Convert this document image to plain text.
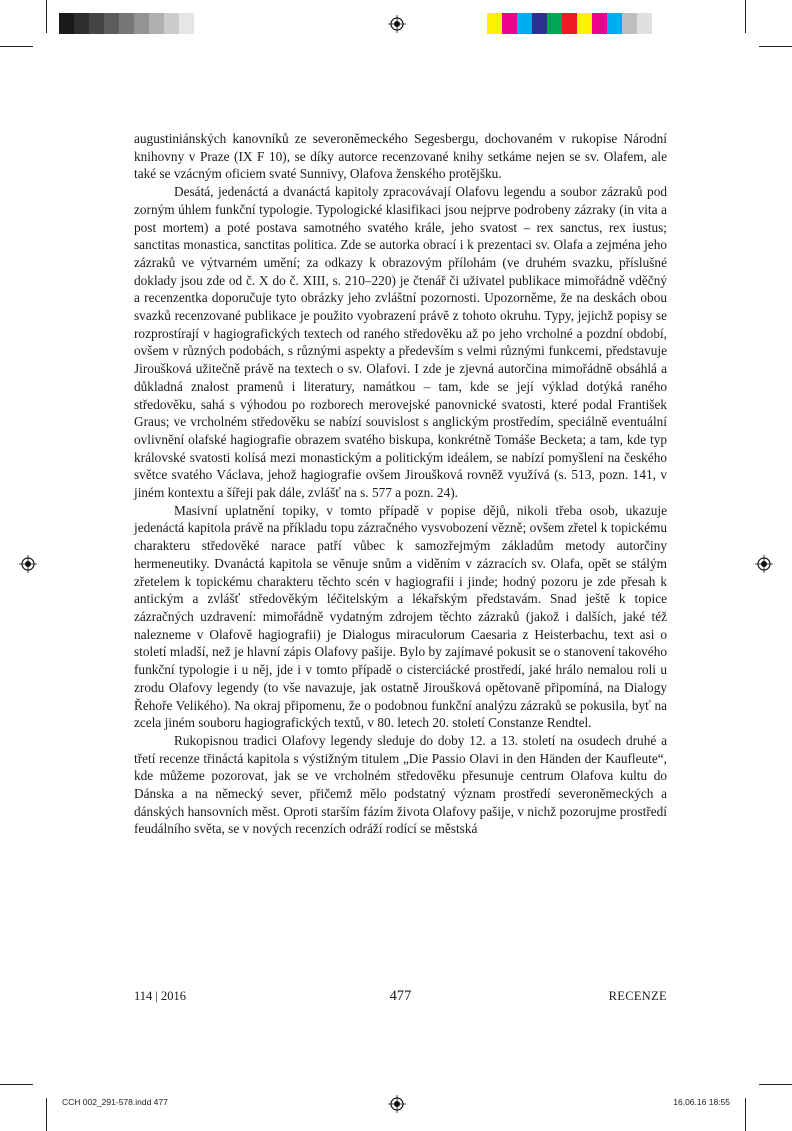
augustiniánských kanovníků ze severoněmeckého Segesbergu, dochovaném v rukopise Národní knihovny v Praze (IX F 10), se díky autorce recenzované knihy setkáme nejen se sv. Olafem, ale také se vzácným oficiem svaté Sunnivy, Olafova ženského protějšku.

Desátá, jedenáctá a dvanáctá kapitoly zpracovávají Olafovu legendu a soubor zázraků pod zorným úhlem funkční typologie. Typologické klasifikaci jsou nejprve podrobeny zázraky (in vita a post mortem) a poté postava samotného svatého krále, jeho svatost – rex sanctus, rex iustus; sanctitas monastica, sanctitas politica. Zde se autorka obrací i k prezentaci sv. Olafa a zejména jeho zázraků ve výtvarném umění; za odkazy k obrazovým přílohám (ve druhém svazku, příslušné doklady jsou zde od č. X do č. XIII, s. 210–220) je čtenář či uživatel publikace mimořádně vděčný a recenzentka doporučuje tyto obrázky jeho zvláštní pozornosti. Upozorněme, že na deskách obou svazků recenzované publikace je použito vyobrazení právě z tohoto okruhu. Typy, jejichž popisy se rozprostírají v hagiografických textech od raného středověku až po jeho vrcholné a pozdní období, ovšem v různých podobách, s různými aspekty a především s velmi různými funkcemi, představuje Jiroušková užitečně právě na textech o sv. Olafovi. I zde je zjevná autorčina mimořádně obsáhlá a důkladná znalost pramenů i literatury, namátkou – tam, kde se její výklad dotýká raného středověku, sahá s výhodou po rozborech merovejské panovnické svatosti, které podal František Graus; ve vrcholném středověku se nabízí souvislost s anglickým prostředím, speciálně eventuální ovlivnění olafské hagiografie obrazem svatého biskupa, konkrétně Tomáše Becketa; a tam, kde typ královské svatosti kolísá mezi monastickým a politickým ideálem, se nabízí pomyšlení na českého světce svatého Václava, jehož hagiografie ovšem Jiroušková rovněž využívá (s. 513, pozn. 141, v jiném kontextu a šířeji pak dále, zvlášť na s. 577 a pozn. 24).

Masivní uplatnění topiky, v tomto případě v popise dějů, nikoli třeba osob, ukazuje jedenáctá kapitola právě na příkladu topu zázračného vysvobození vězně; ovšem zřetel k topickému charakteru středověké narace patří vůbec k samozřejmým základům metody autorčiny hermeneutiky. Dvanáctá kapitola se věnuje snům a viděním v zázracích sv. Olafa, opět se stálým zřetelem k topickému charakteru těchto scén v hagiografii i jinde; hodný pozoru je zde přesah k antickým a zvlášť středověkým léčitelským a lékařským představám. Snad ještě k topice zázračných uzdravení: mimořádně vydatným zdrojem těchto zázraků (jakož i dalších, jaké též nalezneme v Olafově hagiografii) je Dialogus miraculorum Caesaria z Heisterbachu, text asi o století mladší, než je hlavní zápis Olafovy pašije. Bylo by zajímavé pokusit se o stanovení takového funkční typologie i u něj, jde i v tomto případě o cisterciácké prostředí, jaké hrálo nemalou roli u zrodu Olafovy legendy (to vše navazuje, jak ostatně Jiroušková opětovaně připomíná, na Dialogy Řehoře Velikého). Na okraj připomenu, že o podobnou funkční analýzu zázraků se pokusila, byť na zcela jiném souboru hagiografických textů, v 80. letech 20. století Constanze Rendtel.

Rukopisnou tradici Olafovy legendy sleduje do doby 12. a 13. století na osudech druhé a třetí recenze třináctá kapitola s výstižným titulem „Die Passio Olavi in den Händen der Kaufleute“, kde můžeme pozorovat, jak se ve vrcholném středověku přesunuje centrum Olafova kultu do Dánska a na německý sever, přičemž mělo podstatný význam prostředí severoněmeckých a dánských hansovních měst. Oproti starším fázím života Olafovy pašije, v nichž pozorujme prostředí feudálního světa, se v nových recenzích odráží rodící se městská

114 | 2016	477	RECENZE
CCH 002_291-578.indd 477	16.06.16 18:55
